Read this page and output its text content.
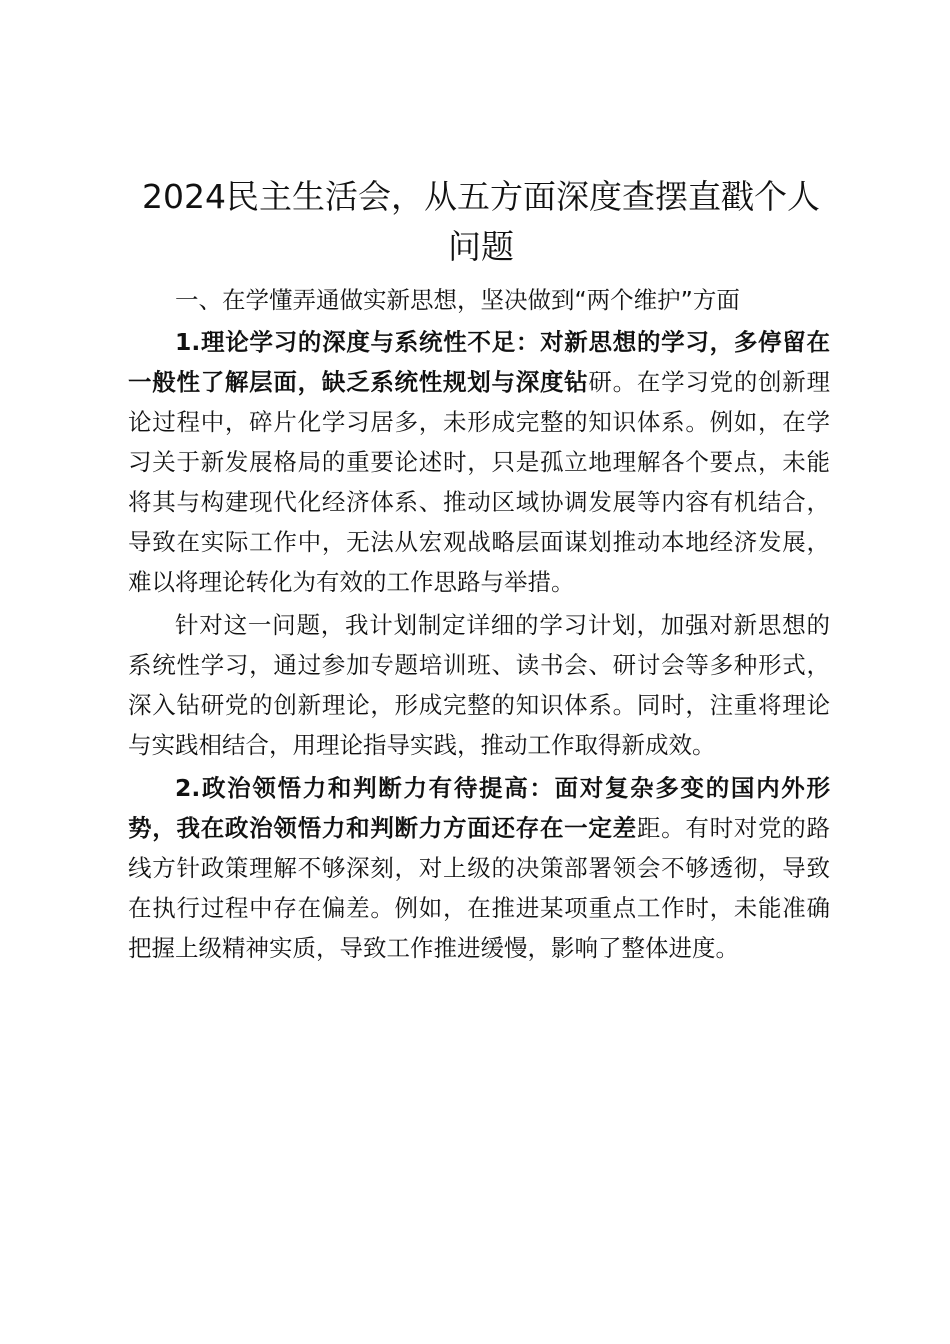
2024民主生活会，从五方面深度查摆直戳个人问题

一、在学懂弄通做实新思想，坚决做到“两个维护”方面

1.理论学习的深度与系统性不足：对新思想的学习，多停留在一般性了解层面，缺乏系统性规划与深度钻研。在学习党的创新理论过程中，碎片化学习居多，未形成完整的知识体系。例如，在学习关于新发展格局的重要论述时，只是孤立地理解各个要点，未能将其与构建现代化经济体系、推动区域协调发展等内容有机结合，导致在实际工作中，无法从宏观战略层面谋划推动本地经济发展，难以将理论转化为有效的工作思路与举措。

针对这一问题，我计划制定详细的学习计划，加强对新思想的系统性学习，通过参加专题培训班、读书会、研讨会等多种形式，深入钻研党的创新理论，形成完整的知识体系。同时，注重将理论与实践相结合，用理论指导实践，推动工作取得新成效。

2.政治领悟力和判断力有待提高：面对复杂多变的国内外形势，我在政治领悟力和判断力方面还存在一定差距。有时对党的路线方针政策理解不够深刻，对上级的决策部署领会不够透彻，导致在执行过程中存在偏差。例如，在推进某项重点工作时，未能准确把握上级精神实质，导致工作推进缓慢，影响了整体进度。
